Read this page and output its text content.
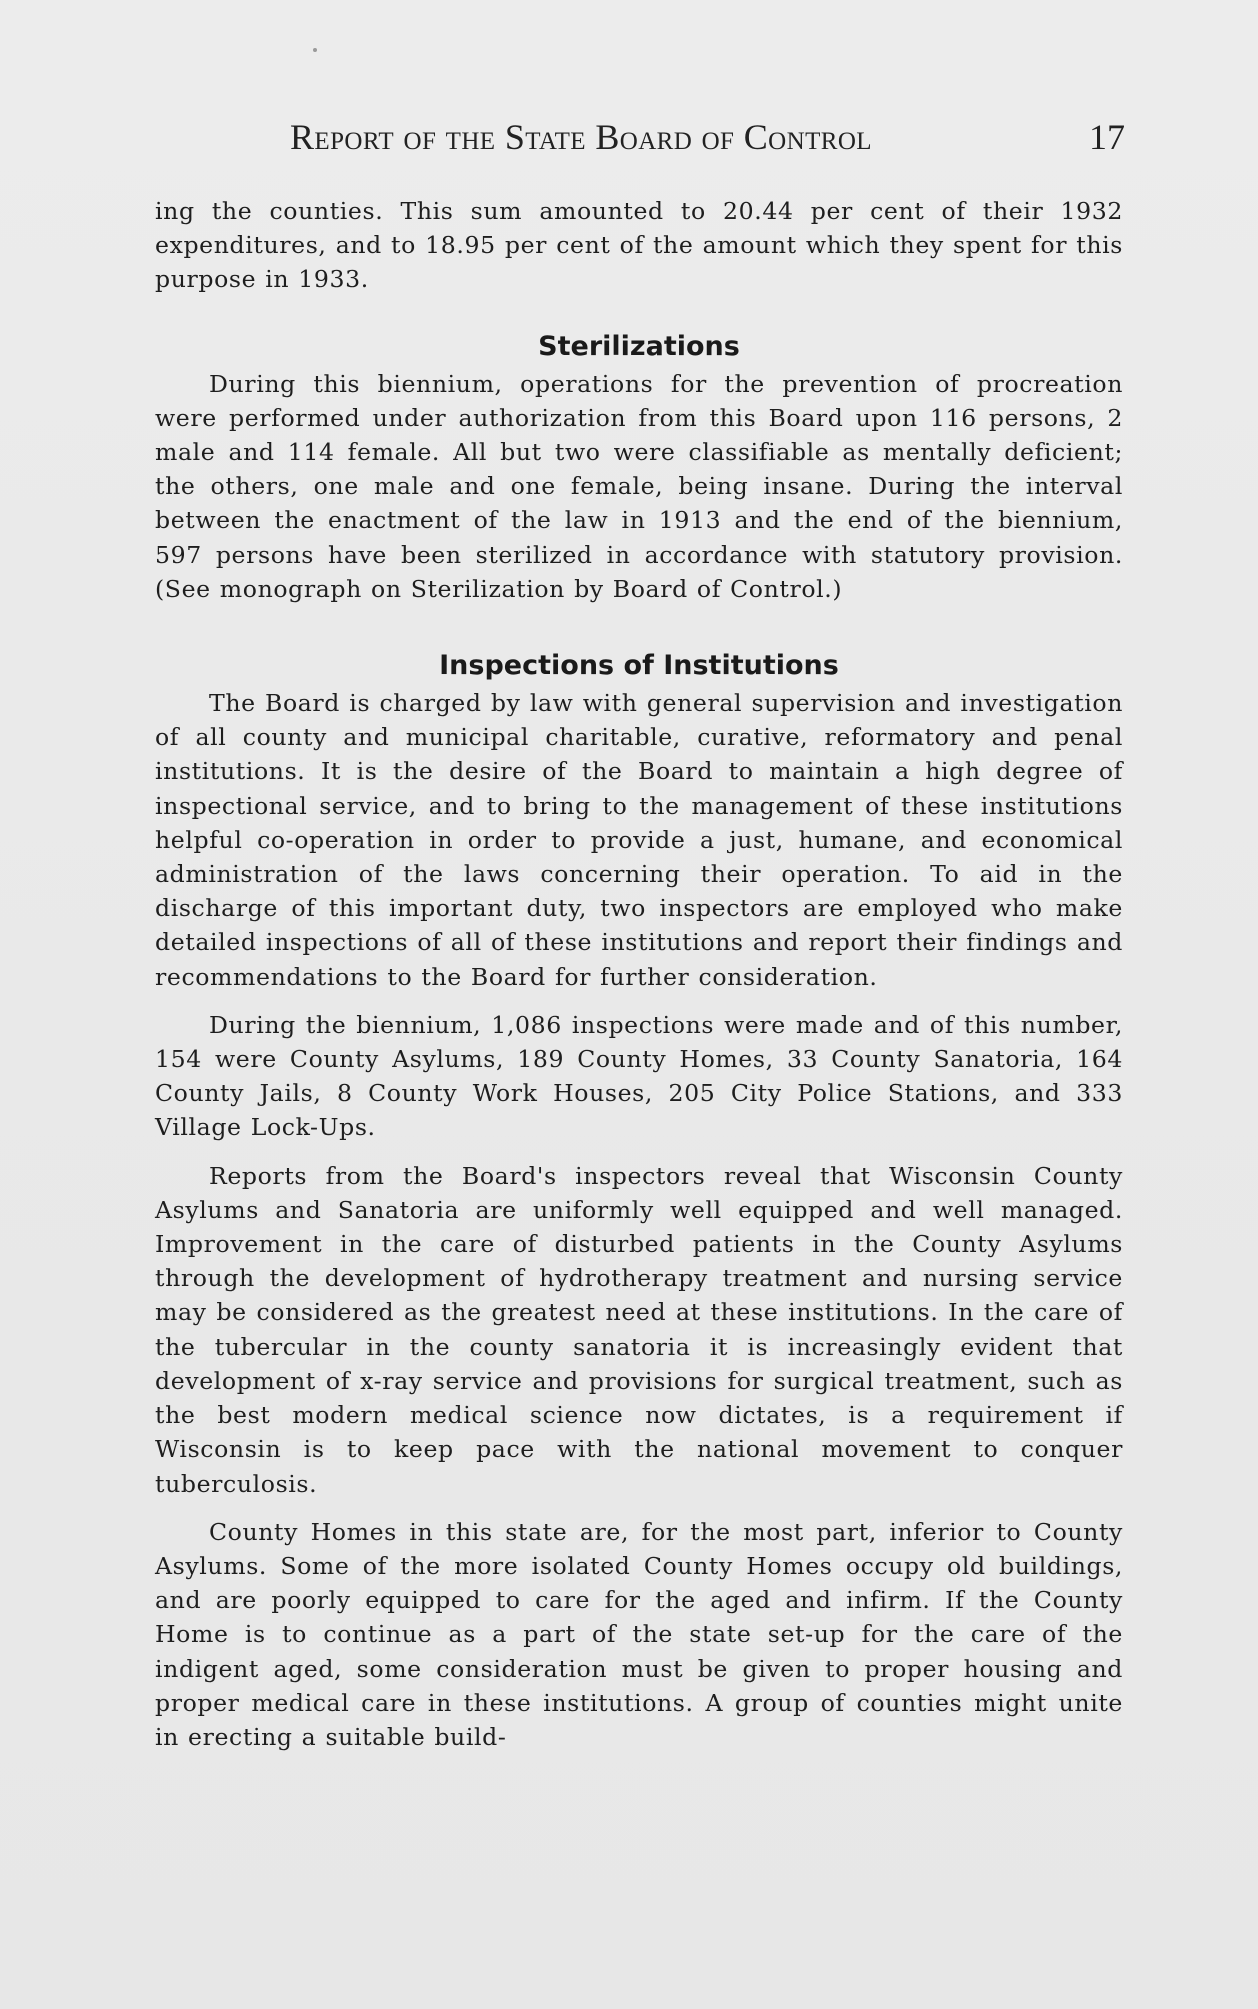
Report of the State Board of Control	17

ing the counties. This sum amounted to 20.44 per cent of their 1932 expenditures, and to 18.95 per cent of the amount which they spent for this purpose in 1933.

Sterilizations

During this biennium, operations for the prevention of procreation were performed under authorization from this Board upon 116 persons, 2 male and 114 female. All but two were classifiable as mentally deficient; the others, one male and one female, being insane. During the interval between the enactment of the law in 1913 and the end of the biennium, 597 persons have been sterilized in accordance with statutory provision. (See monograph on Sterilization by Board of Control.)

Inspections of Institutions

The Board is charged by law with general supervision and investigation of all county and municipal charitable, curative, reformatory and penal institutions. It is the desire of the Board to maintain a high degree of inspectional service, and to bring to the management of these institutions helpful co-operation in order to provide a just, humane, and economical administration of the laws concerning their operation. To aid in the discharge of this important duty, two inspectors are employed who make detailed inspections of all of these institutions and report their findings and recommendations to the Board for further consideration.

During the biennium, 1,086 inspections were made and of this number, 154 were County Asylums, 189 County Homes, 33 County Sanatoria, 164 County Jails, 8 County Work Houses, 205 City Police Stations, and 333 Village Lock-Ups.

Reports from the Board's inspectors reveal that Wisconsin County Asylums and Sanatoria are uniformly well equipped and well managed. Improvement in the care of disturbed patients in the County Asylums through the development of hydrotherapy treatment and nursing service may be considered as the greatest need at these institutions. In the care of the tubercular in the county sanatoria it is increasingly evident that development of x-ray service and provisions for surgical treatment, such as the best modern medical science now dictates, is a requirement if Wisconsin is to keep pace with the national movement to conquer tuberculosis.

County Homes in this state are, for the most part, inferior to County Asylums. Some of the more isolated County Homes occupy old buildings, and are poorly equipped to care for the aged and infirm. If the County Home is to continue as a part of the state set-up for the care of the indigent aged, some consideration must be given to proper housing and proper medical care in these institutions. A group of counties might unite in erecting a suitable build-
